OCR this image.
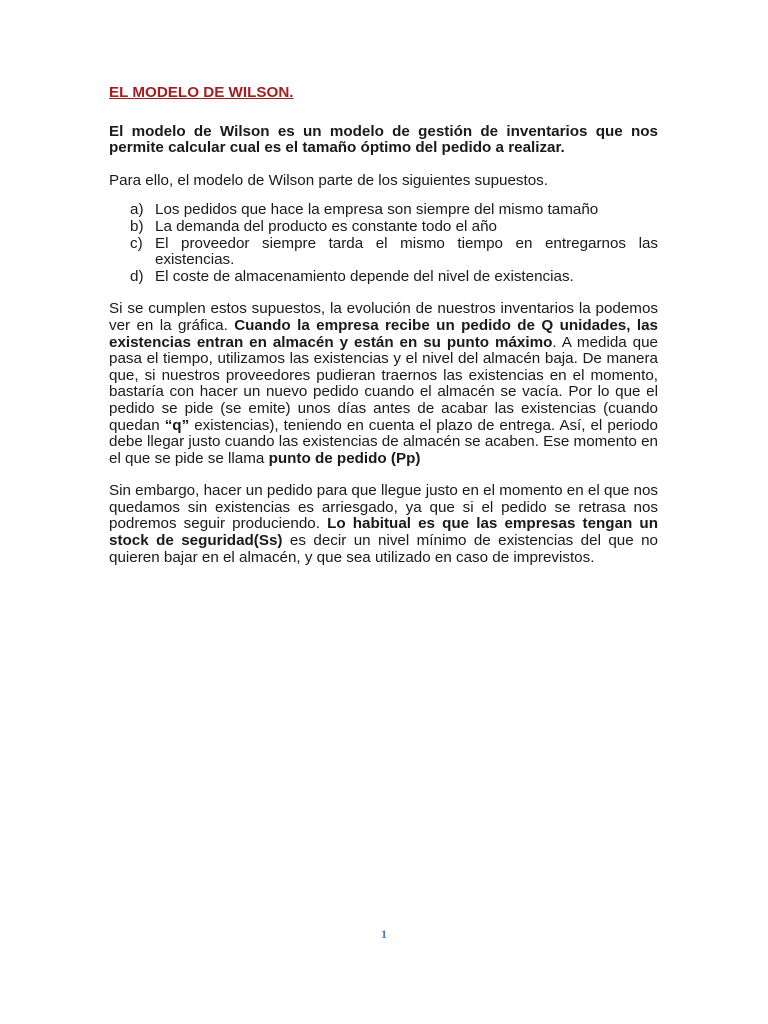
EL MODELO DE WILSON.

El modelo de Wilson es un modelo de gestión de inventarios que nos permite calcular cual es el tamaño óptimo del pedido a realizar.

Para ello, el modelo de Wilson parte de los siguientes supuestos.

a) Los pedidos que hace la empresa son siempre del mismo tamaño
b) La demanda del producto es constante todo el año
c) El proveedor siempre tarda el mismo tiempo en entregarnos las existencias.
d) El coste de almacenamiento depende del nivel de existencias.

Si se cumplen estos supuestos, la evolución de nuestros inventarios la podemos ver en la gráfica. Cuando la empresa recibe un pedido de Q unidades, las existencias entran en almacén y están en su punto máximo. A medida que pasa el tiempo, utilizamos las existencias y el nivel del almacén baja. De manera que, si nuestros proveedores pudieran traernos las existencias en el momento, bastaría con hacer un nuevo pedido cuando el almacén se vacía. Por lo que el pedido se pide (se emite) unos días antes de acabar las existencias (cuando quedan “q” existencias), teniendo en cuenta el plazo de entrega. Así, el periodo debe llegar justo cuando las existencias de almacén se acaben. Ese momento en el que se pide se llama punto de pedido (Pp)

Sin embargo, hacer un pedido para que llegue justo en el momento en el que nos quedamos sin existencias es arriesgado, ya que si el pedido se retrasa nos podremos seguir produciendo. Lo habitual es que las empresas tengan un stock de seguridad(Ss) es decir un nivel mínimo de existencias del que no quieren bajar en el almacén, y que sea utilizado en caso de imprevistos.

1
